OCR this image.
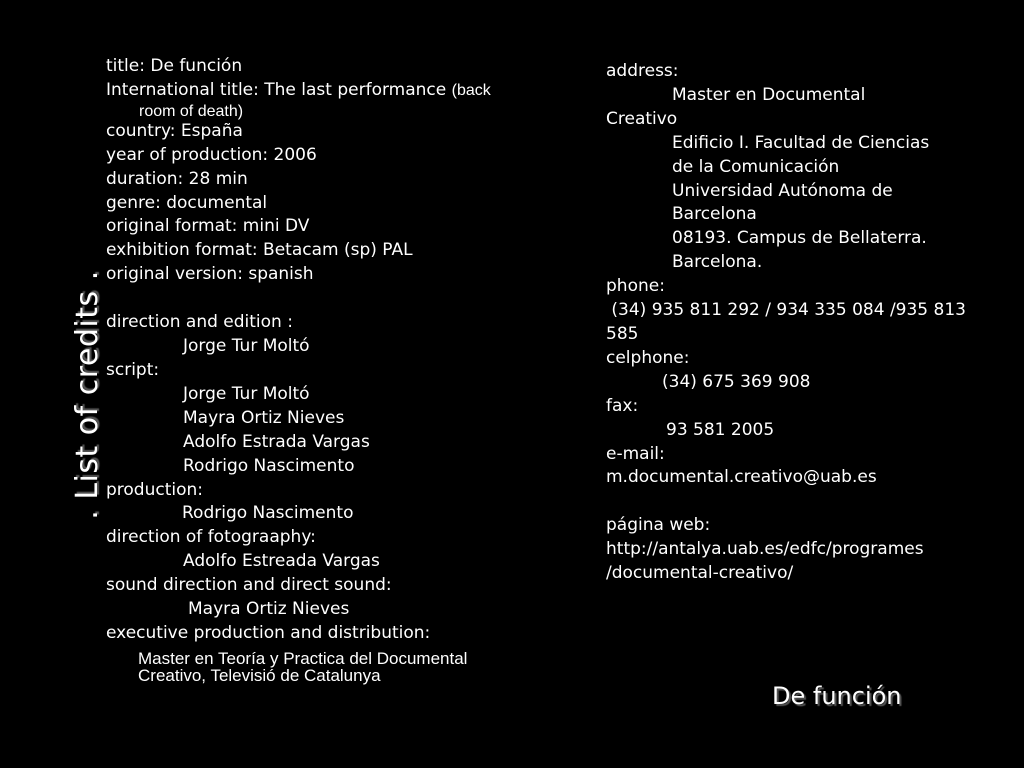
. List of credits .
title: De función
International title: The last performance (back
room of death)
country: España
year of production: 2006
duration: 28 min
genre: documental
original format: mini DV
exhibition format: Betacam (sp) PAL
original version: spanish
direction and edition :
Jorge Tur Moltó
script:
Jorge Tur Moltó
Mayra Ortiz Nieves
Adolfo Estrada Vargas
Rodrigo Nascimento
production:
Rodrigo Nascimento
direction of fotograaphy:
Adolfo Estreada Vargas
sound direction and direct sound:
Mayra Ortiz Nieves
executive production and distribution:
Master en Teoría y Practica del Documental Creativo, Televisió de Catalunya
address:
Master en Documental
Creativo
Edificio I. Facultad de Ciencias
de la Comunicación
Universidad Autónoma de
Barcelona
08193. Campus de Bellaterra.
Barcelona.
phone:
(34) 935 811 292 / 934 335 084 /935 813
585
celphone:
(34) 675 369 908
fax:
93 581 2005
e-mail:
m.documental.creativo@uab.es
página web:
http://antalya.uab.es/edfc/programes
/documental-creativo/
De función
